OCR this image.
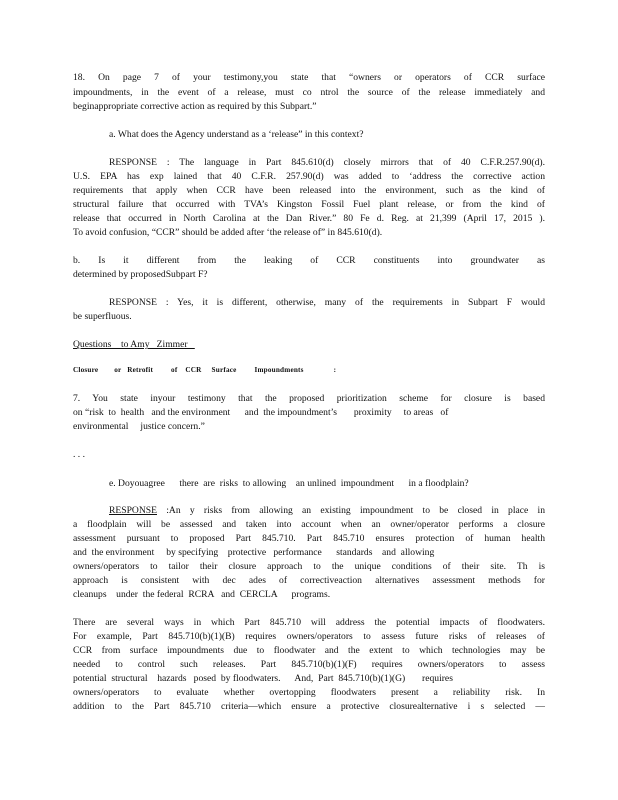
18. On page 7 of your testimony,you state that “owners or operators of CCR surface
impoundments, in the event of a release, must co ntrol the source of the release immediately and
beginappropriate corrective action as required by this Subpart.”
a. What does the Agency understand as a ‘release” in this context?
RESPONSE : The language in Part 845.610(d) closely mirrors that of 40 C.F.R.257.90(d).
U.S. EPA has exp lained that 40 C.F.R. 257.90(d) was added to ‘address the corrective action
requirements that apply when CCR have been released into the environment, such as the kind of
structural failure that occurred with TVA’s Kingston Fossil Fuel plant release, or from the kind of
release that occurred in North Carolina at the Dan River.” 80 Fe d. Reg. at 21,399 (April 17, 2015 ).
To avoid confusion, “CCR” should be added after ‘the release of” in 845.610(d).
b. Is it different from the leaking of CCR constituents into groundwater as
determined by proposedSubpart F?
RESPONSE : Yes, it is different, otherwise, many of the requirements in Subpart F would
be superfluous.
Questions    to Amy   Zimmer
Closure        or   Retrofit         of    CCR     Surface         Impoundments               :
7. You state inyour testimony that the proposed prioritization scheme for closure is based
on “risk  to  health   and the environment      and  the impoundment’s       proximity     to areas   of
environmental     justice concern.”
. . .
e. Doyouagree      there  are  risks  to allowing    an unlined  impoundment      in a floodplain?
RESPONSE :An y risks from allowing an existing impoundment to be closed in place in
a floodplain will be assessed and taken into account when an owner/operator performs a closure
assessment pursuant to proposed Part 845.710. Part 845.710 ensures protection of human health
and  the environment     by specifying    protective   performance      standards    and  allowing
owners/operators to tailor their closure approach to the unique conditions of their site. Th is
approach is consistent with dec ades of correctiveaction alternatives assessment methods for
cleanups    under  the federal  RCRA   and  CERCLA      programs.
There are several ways in which Part 845.710 will address the potential impacts of floodwaters.
For example, Part 845.710(b)(1)(B) requires owners/operators to assess future risks of releases of
CCR from surface impoundments due to floodwater and the extent to which technologies may be
needed to control such releases. Part 845.710(b)(1)(F) requires owners/operators to assess
potential  structural    hazards   posed  by floodwaters.      And,  Part  845.710(b)(1)(G)       requires
owners/operators to evaluate whether overtopping floodwaters present a reliability risk. In
addition to the Part 845.710 criteria—which ensure a protective closurealternative i s selected —
